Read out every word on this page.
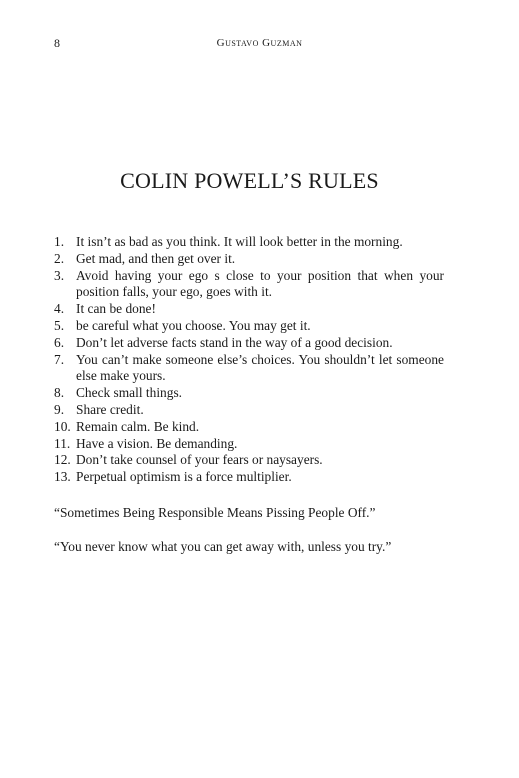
8	Gustavo Guzman
COLIN POWELL’S RULES
1. It isn’t as bad as you think. It will look better in the morning.
2. Get mad, and then get over it.
3. Avoid having your ego s close to your position that when your position falls, your ego, goes with it.
4. It can be done!
5. be careful what you choose. You may get it.
6. Don’t let adverse facts stand in the way of a good decision.
7. You can’t make someone else’s choices. You shouldn’t let someone else make yours.
8. Check small things.
9. Share credit.
10. Remain calm. Be kind.
11. Have a vision. Be demanding.
12. Don’t take counsel of your fears or naysayers.
13. Perpetual optimism is a force multiplier.

“Sometimes Being Responsible Means Pissing People Off.”

“You never know what you can get away with, unless you try.”
